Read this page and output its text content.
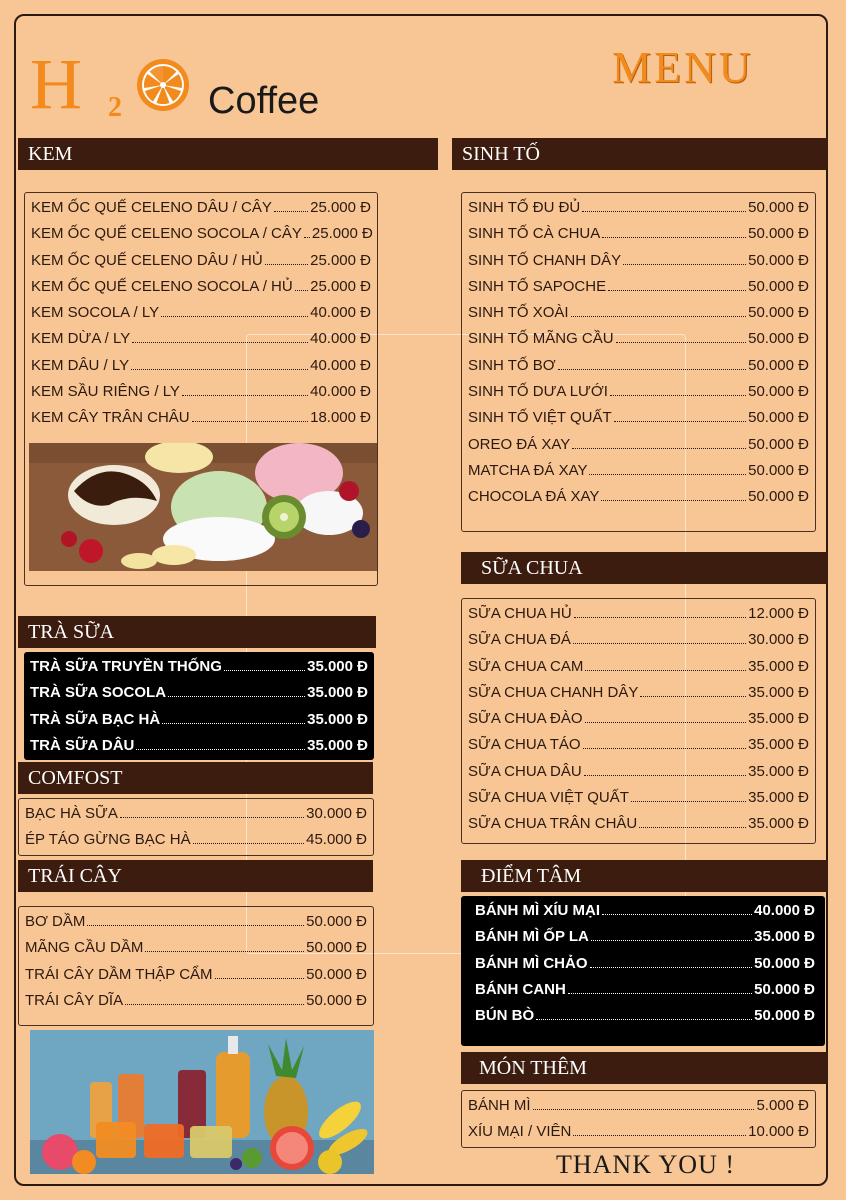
H 2 Coffee
MENU
KEM
KEM ỐC QUẾ CELENO DÂU / CÂY	25.000 Đ
KEM ỐC QUẾ CELENO SOCOLA / CÂY 25.000 Đ
KEM ỐC QUẾ CELENO DÂU / HỦ	25.000 Đ
KEM ỐC QUẾ CELENO SOCOLA / HỦ 25.000 Đ
KEM SOCOLA / LY	40.000 Đ
KEM DỪA / LY	40.000 Đ
KEM DÂU / LY	40.000 Đ
KEM SẦU RIÊNG / LY	40.000 Đ
KEM CÂY TRÂN CHÂU	18.000 Đ
SINH TỐ
SINH TỐ ĐU ĐỦ	50.000 Đ
SINH TỐ CÀ CHUA	50.000 Đ
SINH TỐ CHANH DÂY	50.000 Đ
SINH TỐ SAPOCHE	50.000 Đ
SINH TỐ XOÀI	50.000 Đ
SINH TỐ MÃNG CẦU	50.000 Đ
SINH TỐ BƠ	50.000 Đ
SINH TỐ DƯA LƯỚI	50.000 Đ
SINH TỐ VIỆT QUẤT	50.000 Đ
OREO ĐÁ XAY	50.000 Đ
MATCHA ĐÁ XAY	50.000 Đ
CHOCOLA ĐÁ XAY	50.000 Đ
SỮA CHUA
SỮA CHUA HỦ	12.000 Đ
SỮA CHUA ĐÁ	30.000 Đ
SỮA CHUA CAM	35.000 Đ
SỮA CHUA CHANH DÂY	35.000 Đ
SỮA CHUA ĐÀO	35.000 Đ
SỮA CHUA TÁO	35.000 Đ
SỮA CHUA DÂU	35.000 Đ
SỮA CHUA VIỆT QUẤT	35.000 Đ
SỮA CHUA TRÂN CHÂU	35.000 Đ
ĐIỂM TÂM
BÁNH MÌ XÍU MẠI	40.000 Đ
BÁNH MÌ ỐP LA	35.000 Đ
BÁNH MÌ CHẢO	50.000 Đ
BÁNH CANH	50.000 Đ
BÚN BÒ	50.000 Đ
MÓN THÊM
BÁNH MÌ	5.000 Đ
XÍU MẠI / VIÊN	10.000 Đ
TRÀ SỮA
TRÀ SỮA TRUYỀN THỐNG	35.000 Đ
TRÀ SỮA SOCOLA	35.000 Đ
TRÀ SỮA BẠC HÀ	35.000 Đ
TRÀ SỮA DÂU	35.000 Đ
COMFOST
BẠC HÀ SỮA	30.000 Đ
ÉP TÁO GỪNG BẠC HÀ	45.000 Đ
TRÁI CÂY
BƠ DẦM	50.000 Đ
MÃNG CẦU DẦM	50.000 Đ
TRÁI CÂY DẦM THẬP CẨM	50.000 Đ
TRÁI CÂY DĨA	50.000 Đ
THANK YOU !
